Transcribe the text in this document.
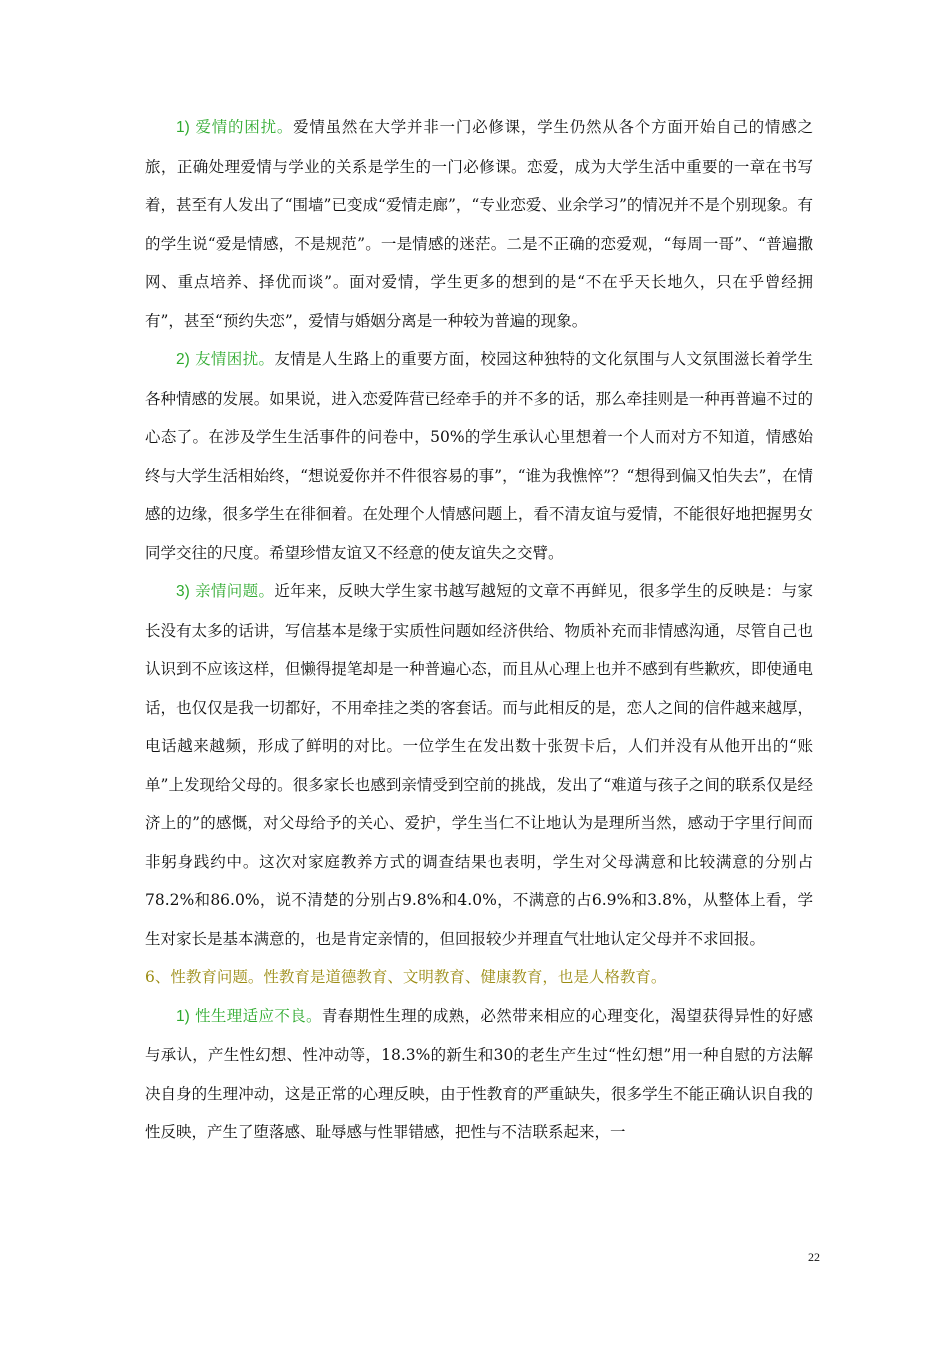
1) 爱情的困扰。爱情虽然在大学并非一门必修课，学生仍然从各个方面开始自己的情感之旅，正确处理爱情与学业的关系是学生的一门必修课。恋爱，成为大学生活中重要的一章在书写着，甚至有人发出了“围墙”已变成“爱情走廊”，“专业恋爱、业余学习”的情况并不是个别现象。有的学生说“爱是情感，不是规范”。一是情感的迷茫。二是不正确的恋爱观，“每周一哥”、“普遍撒网、重点培养、择优而谈”。面对爱情，学生更多的想到的是“不在乎天长地久，只在乎曾经拥有”，甚至“预约失恋”，爱情与婚姻分离是一种较为普遍的现象。

2) 友情困扰。友情是人生路上的重要方面，校园这种独特的文化氛围与人文氛围滋长着学生各种情感的发展。如果说，进入恋爱阵营已经牵手的并不多的话，那么牵挂则是一种再普遍不过的心态了。在涉及学生生活事件的问卷中，50%的学生承认心里想着一个人而对方不知道，情感始终与大学生活相始终，“想说爱你并不件很容易的事”，“谁为我憔悴”？“想得到偏又怕失去”，在情感的边缘，很多学生在徘徊着。在处理个人情感问题上，看不清友谊与爱情，不能很好地把握男女同学交往的尺度。希望珍惜友谊又不经意的使友谊失之交臂。

3) 亲情问题。近年来，反映大学生家书越写越短的文章不再鲜见，很多学生的反映是：与家长没有太多的话讲，写信基本是缘于实质性问题如经济供给、物质补充而非情感沟通，尽管自己也认识到不应该这样，但懒得提笔却是一种普遍心态，而且从心理上也并不感到有些歉疚，即使通电话，也仅仅是我一切都好，不用牵挂之类的客套话。而与此相反的是，恋人之间的信件越来越厚，电话越来越频，形成了鲜明的对比。一位学生在发出数十张贺卡后，人们并没有从他开出的“账单”上发现给父母的。很多家长也感到亲情受到空前的挑战，发出了“难道与孩子之间的联系仅是经济上的”的感慨，对父母给予的关心、爱护，学生当仁不让地认为是理所当然，感动于字里行间而非躬身践约中。这次对家庭教养方式的调查结果也表明，学生对父母满意和比较满意的分别占78.2%和86.0%，说不清楚的分别占9.8%和4.0%，不满意的占6.9%和3.8%，从整体上看，学生对家长是基本满意的，也是肯定亲情的，但回报较少并理直气壮地认定父母并不求回报。

6、性教育问题。性教育是道德教育、文明教育、健康教育，也是人格教育。

1) 性生理适应不良。青春期性生理的成熟，必然带来相应的心理变化，渴望获得异性的好感与承认，产生性幻想、性冲动等，18.3%的新生和30的老生产生过“性幻想”用一种自慰的方法解决自身的生理冲动，这是正常的心理反映，由于性教育的严重缺失，很多学生不能正确认识自我的性反映，产生了堕落感、耻辱感与性罪错感，把性与不洁联系起来，一

22
